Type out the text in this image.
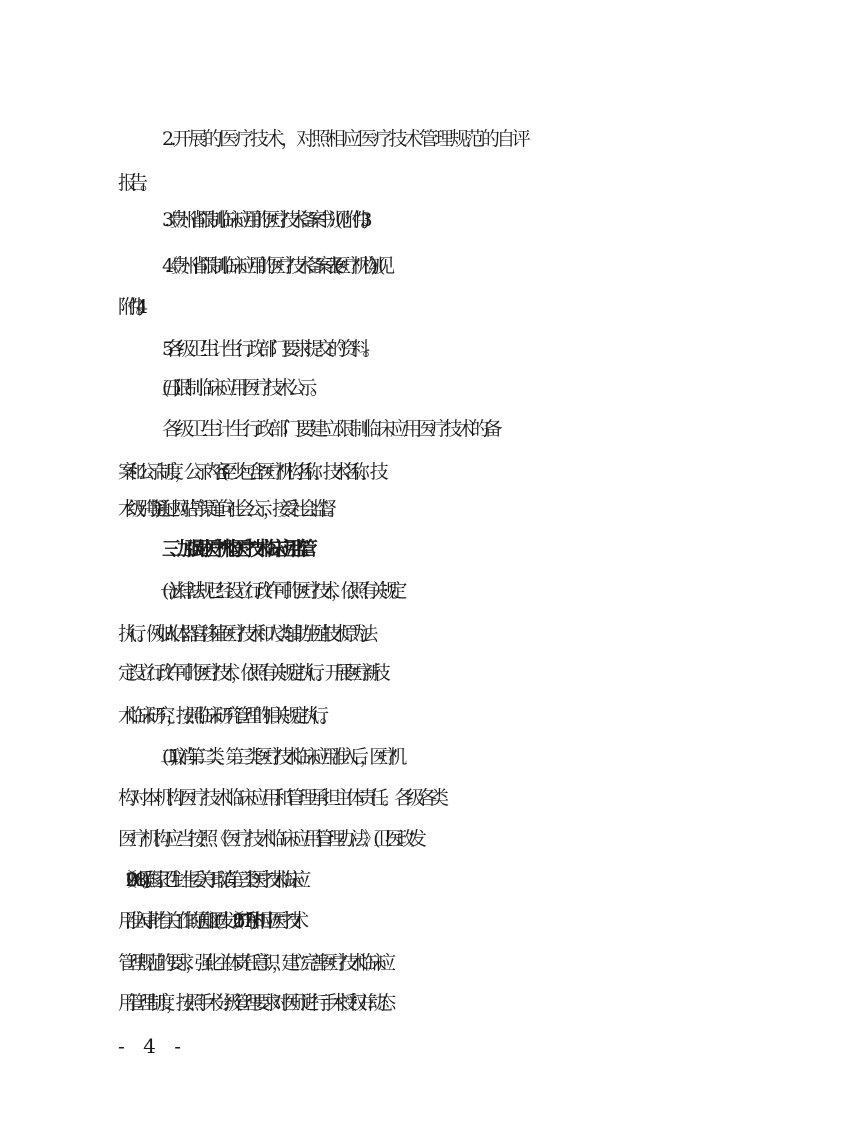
2.开展的医疗技术，对照相应医疗技术管理规范的自评
报告。
3.《贵州省限制临床应用的医疗技术备案书》(见附件3)。
4.《贵州省限制临床应用的医疗技术备案表(医疗机构)》(见
附件4)。
5.各级卫生计生行政部门要求提交的资料。
(五)限制临床应用医疗技术公示。
各级卫生计生行政部门要建立限制临床应用医疗技术的备
案和公示制度，公示内容(至少包含医疗机构名称、技术名称、技
术级别等)通过网站等渠道向社会公示，接受社会监督。
三、加强对医疗机构医疗技术临床应用监管
(一)法律法规已经设立行政许可的医疗技术，依照有关规定
执行。例如:人体器官移植医疗技术和人类辅助生殖技术原为法
定设立行政许可的医疗技术，依照有关规定执行。开展医疗新技
术临床研究，按照临床研究管理的相关规定执行。
(二)取消第二类、第三类医疗技术临床应用准入后，医疗机
构对本机构医疗技术临床应用和管理承担主体责任。各级各类
医疗机构应当按照《医疗技术临床应用管理办法》(卫医政发
〔2009〕18号)、《国家卫生计生委关于取消第三类医疗技术临床应
用准入审批有关工作的通知》(国发〔2015〕71号)和相应医疗技术
管理规范的要求，强化主体责任意识，建立完善医疗技术临床应
用管理制度，按照手术分级管理要求对医师进行手术授权并动态
- 4 -
